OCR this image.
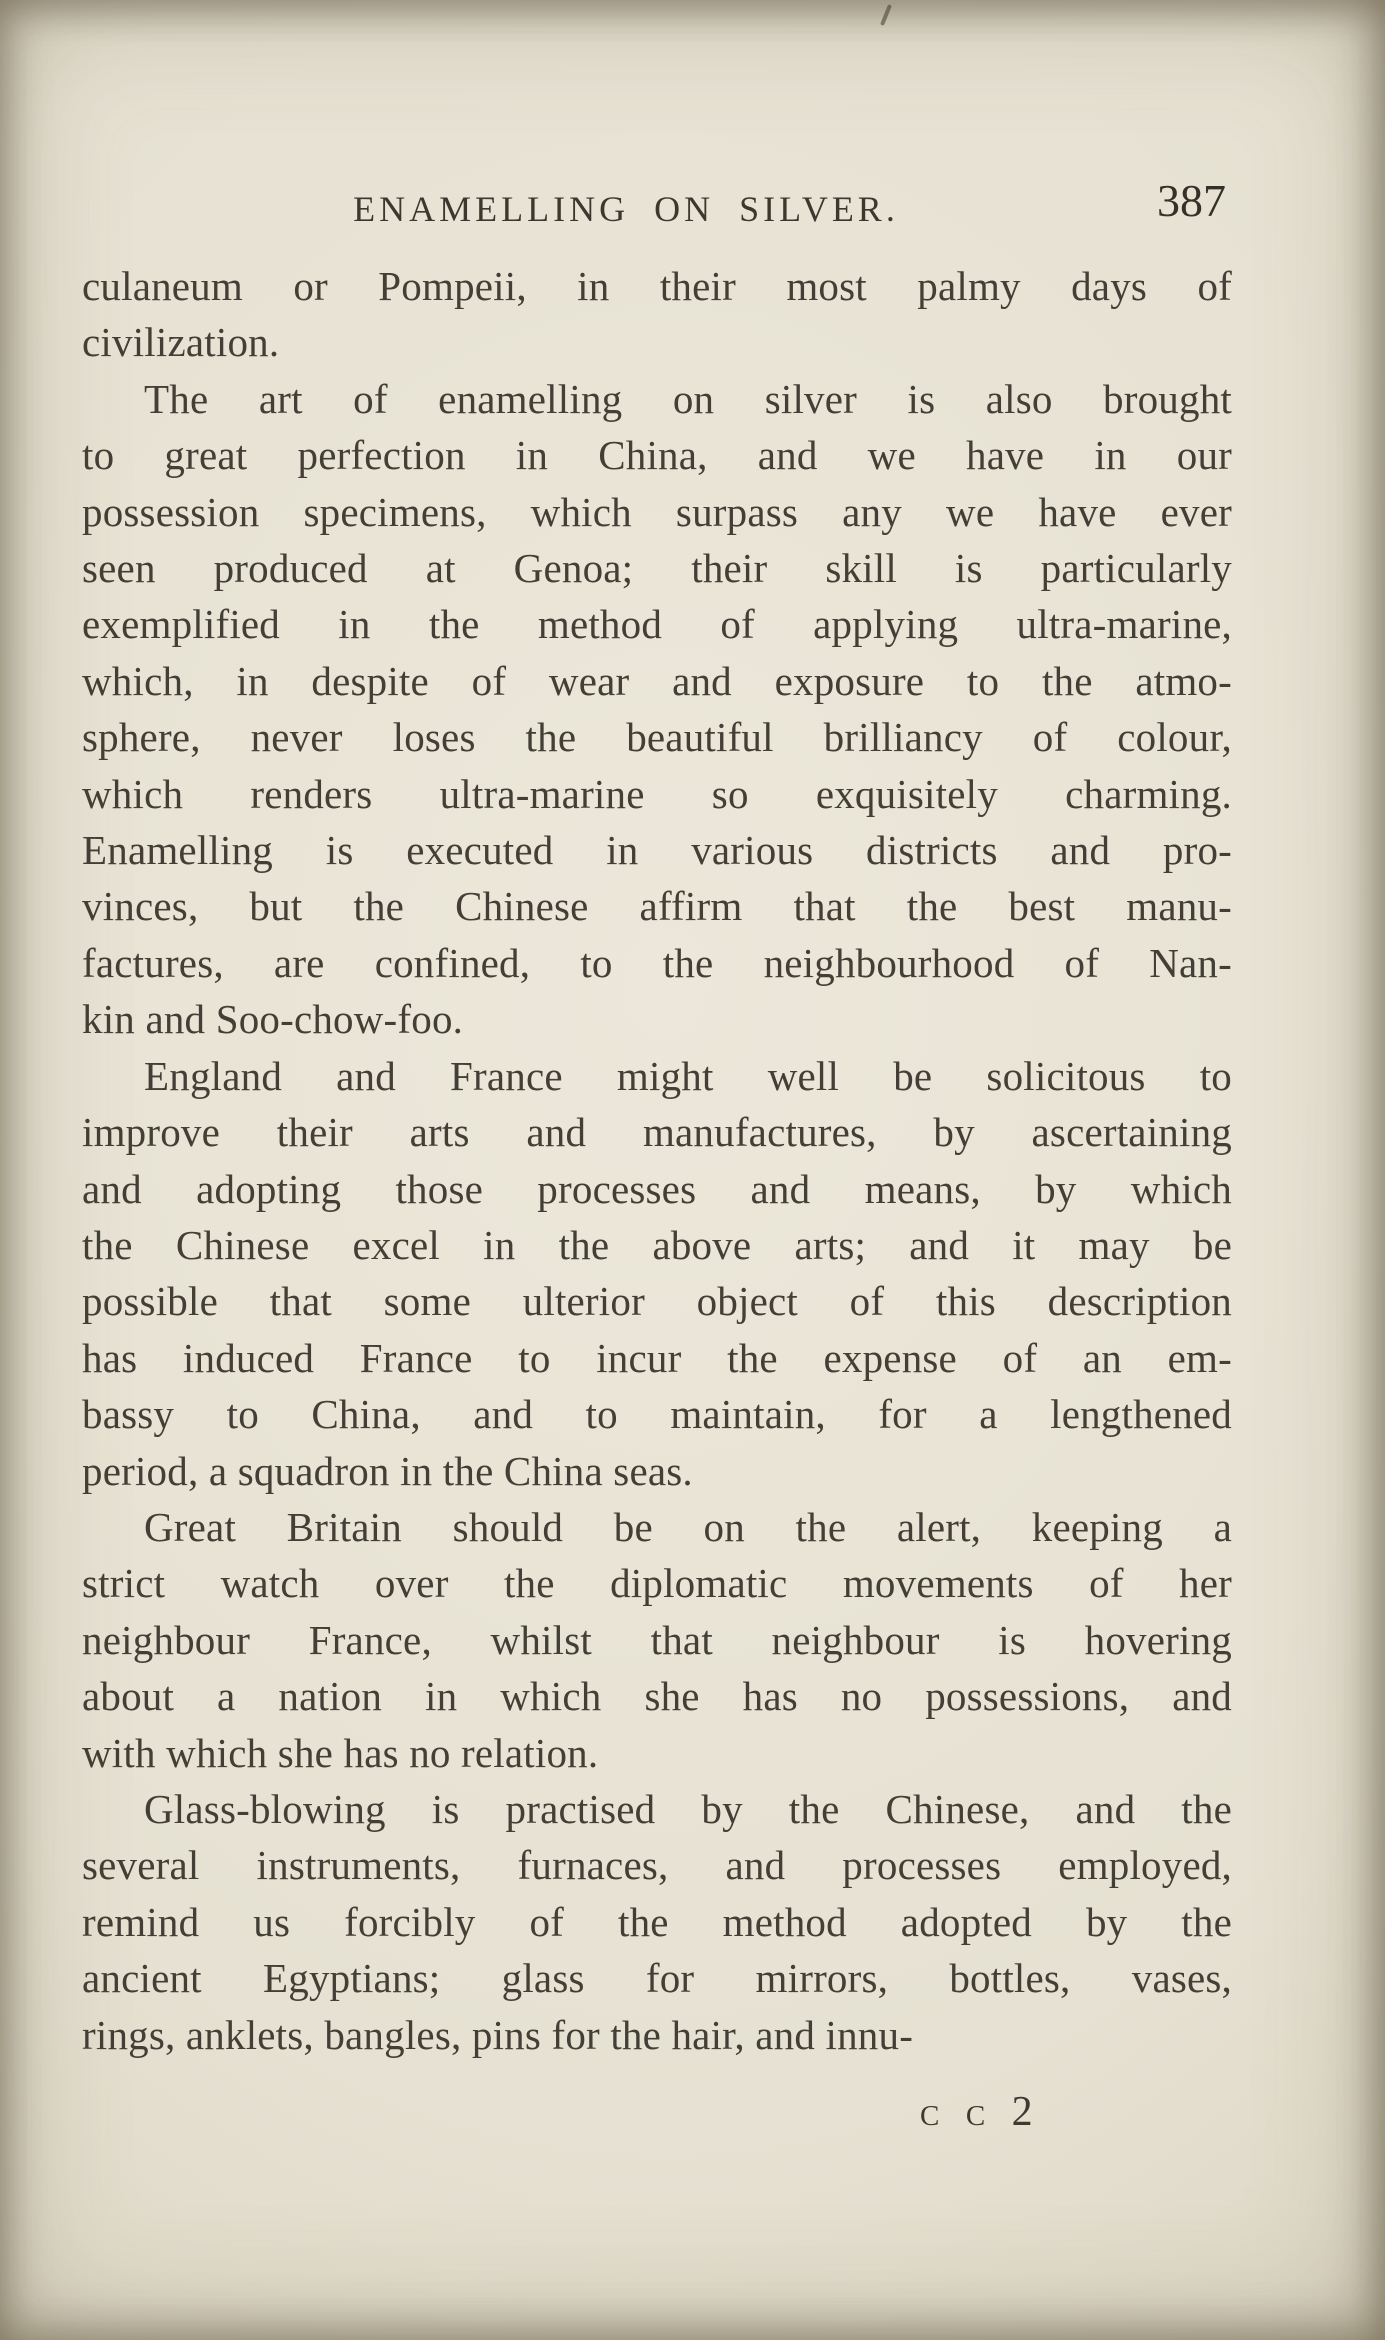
ENAMELLING ON SILVER.	387

culaneum or Pompeii, in their most palmy days of
civilization.

The art of enamelling on silver is also brought
to great perfection in China, and we have in our
possession specimens, which surpass any we have ever
seen produced at Genoa; their skill is particularly
exemplified in the method of applying ultra-marine,
which, in despite of wear and exposure to the atmo-
sphere, never loses the beautiful brilliancy of colour,
which renders ultra-marine so exquisitely charming.
Enamelling is executed in various districts and pro-
vinces, but the Chinese affirm that the best manu-
factures, are confined, to the neighbourhood of Nan-
kin and Soo-chow-foo.

England and France might well be solicitous to
improve their arts and manufactures, by ascertaining
and adopting those processes and means, by which
the Chinese excel in the above arts; and it may be
possible that some ulterior object of this description
has induced France to incur the expense of an em-
bassy to China, and to maintain, for a lengthened
period, a squadron in the China seas.

Great Britain should be on the alert, keeping a
strict watch over the diplomatic movements of her
neighbour France, whilst that neighbour is hovering
about a nation in which she has no possessions, and
with which she has no relation.

Glass-blowing is practised by the Chinese, and the
several instruments, furnaces, and processes employed,
remind us forcibly of the method adopted by the
ancient Egyptians; glass for mirrors, bottles, vases,
rings, anklets, bangles, pins for the hair, and innu-

c c 2
